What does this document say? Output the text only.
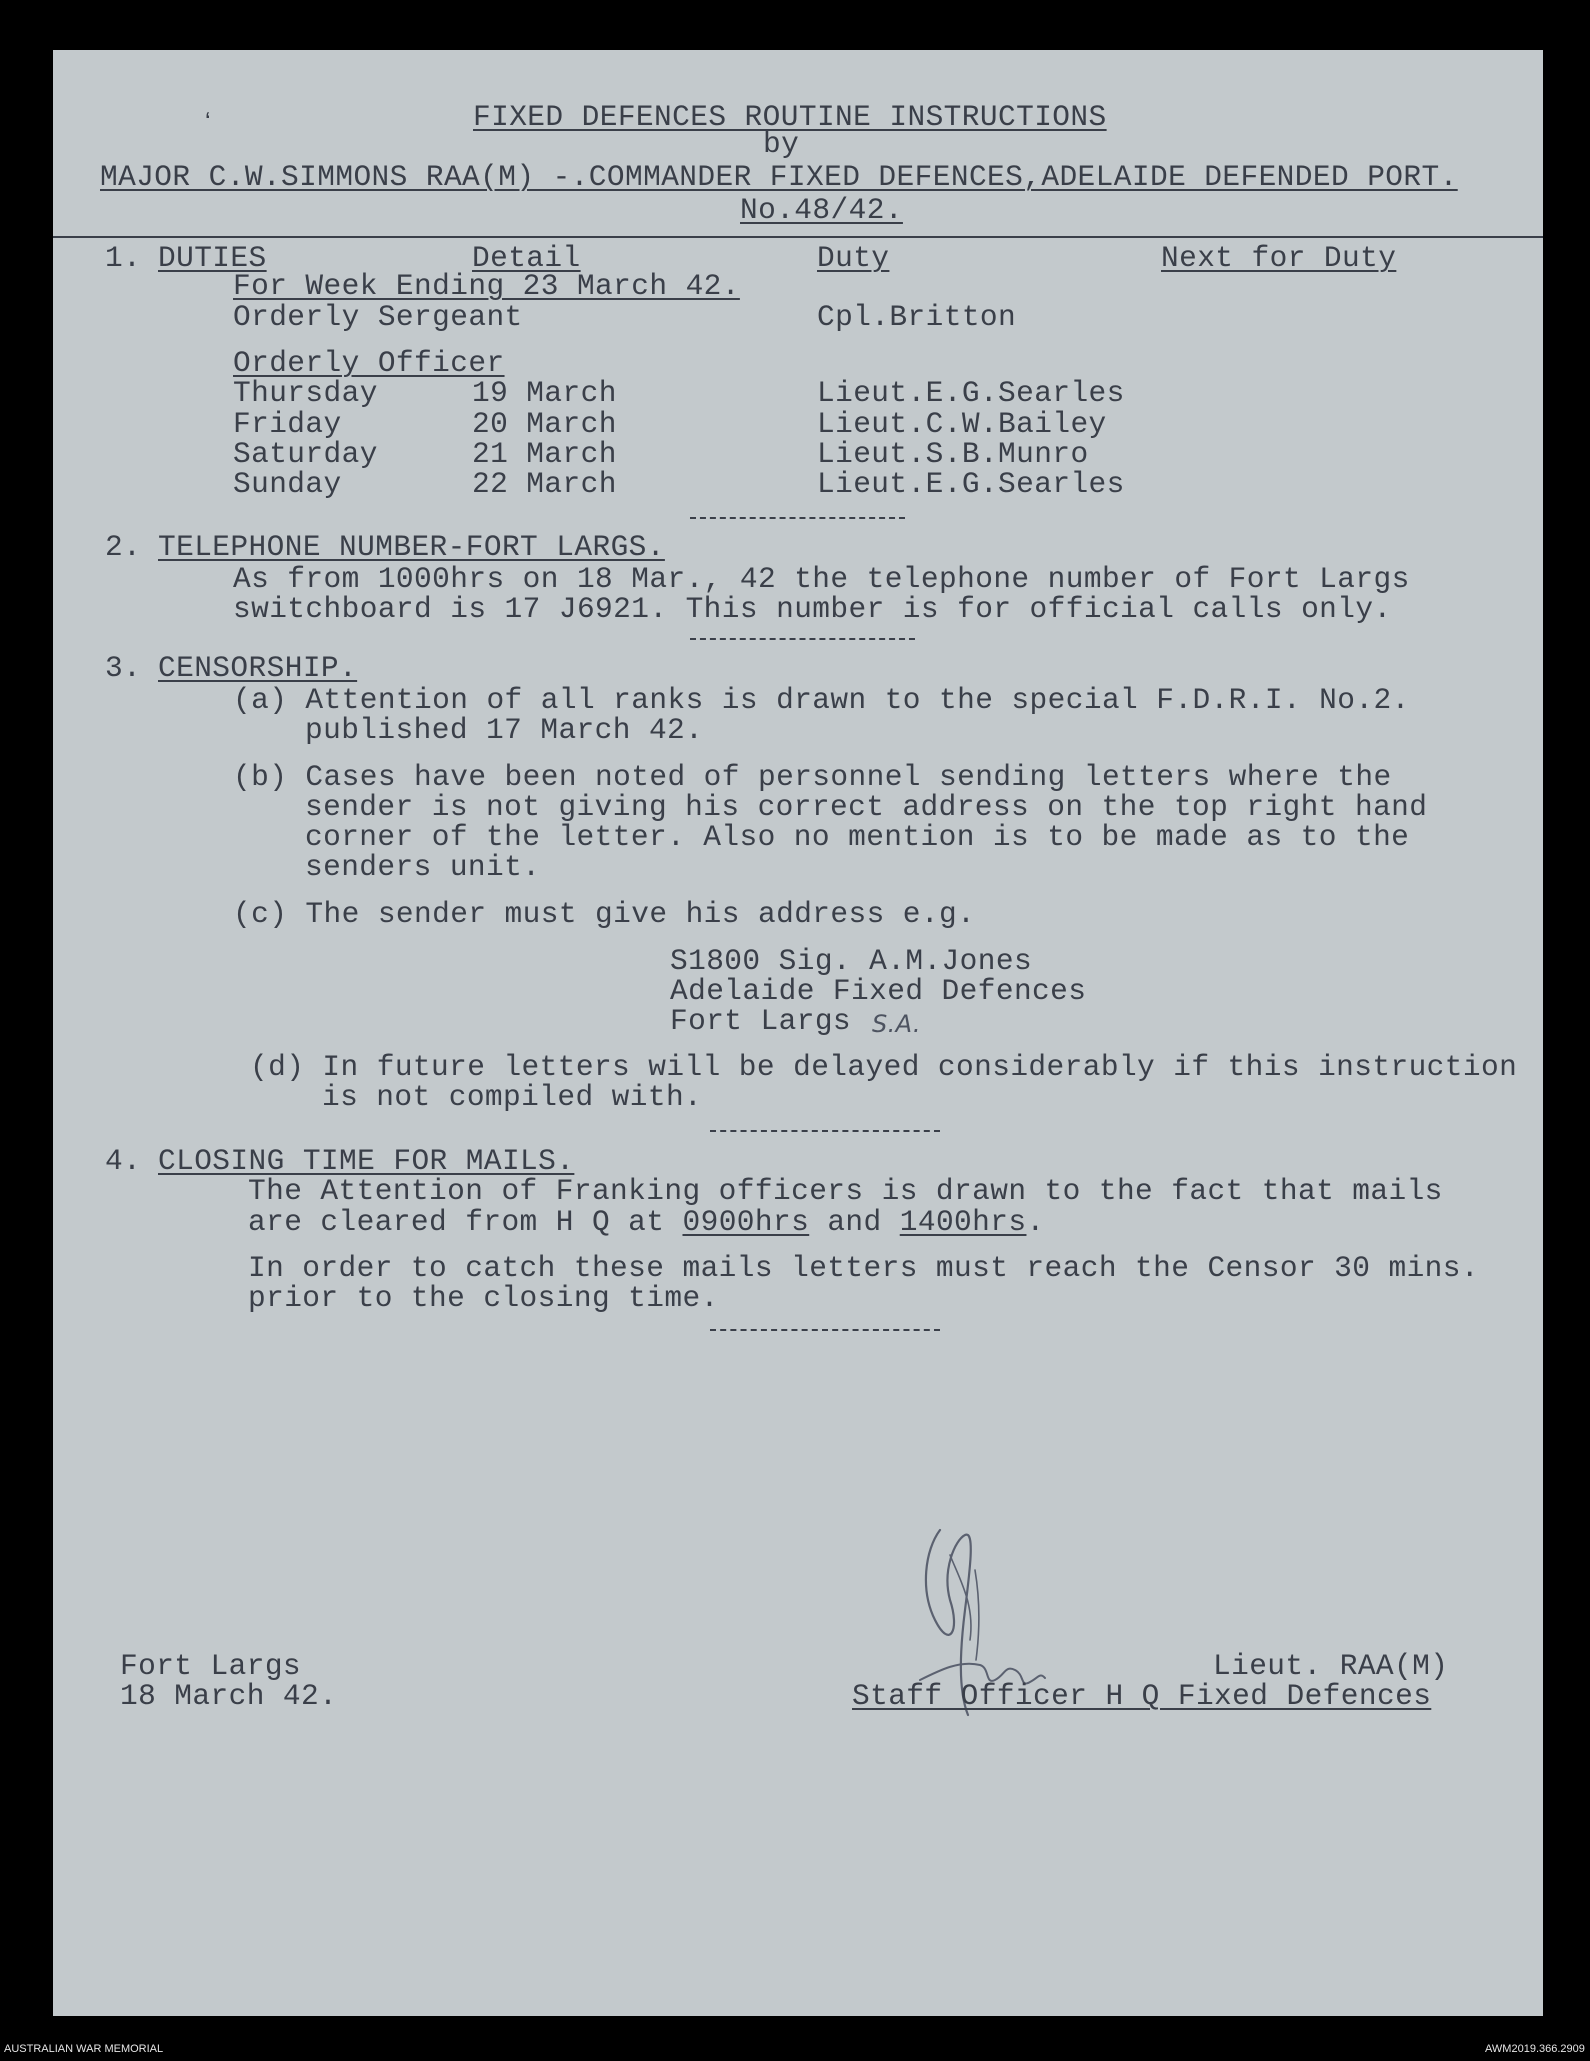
ʻ	FIXED DEFENCES ROUTINE INSTRUCTIONS
by
MAJOR C.W.SIMMONS RAA(M) -.COMMANDER FIXED DEFENCES,ADELAIDE DEFENDED PORT.
No.48/42.
1. DUTIES	Detail	Duty	Next for Duty
For Week Ending 23 March 42.
Orderly Sergeant	Cpl.Britton
Orderly Officer
Thursday	19 March	Lieut.E.G.Searles
Friday	20 March	Lieut.C.W.Bailey
Saturday	21 March	Lieut.S.B.Munro
Sunday	22 March	Lieut.E.G.Searles
2. TELEPHONE NUMBER-FORT LARGS.
As from 1000hrs on 18 Mar., 42 the telephone number of Fort Largs
switchboard is 17 J6921. This number is for official calls only.
3. CENSORSHIP.
(a) Attention of all ranks is drawn to the special F.D.R.I. No.2.
published 17 March 42.
(b) Cases have been noted of personnel sending letters where the
sender is not giving his correct address on the top right hand
corner of the letter. Also no mention is to be made as to the
senders unit.
(c) The sender must give his address e.g.
S1800 Sig. A.M.Jones
Adelaide Fixed Defences
Fort Largs S.A.
(d) In future letters will be delayed considerably if this instruction
is not compiled with.
4. CLOSING TIME FOR MAILS.
The Attention of Franking officers is drawn to the fact that mails
are cleared from H Q at 0900hrs and 1400hrs.
In order to catch these mails letters must reach the Censor 30 mins.
prior to the closing time.
Fort Largs
18 March 42.
Lieut. RAA(M)
Staff Officer H Q Fixed Defences
AUSTRALIAN WAR MEMORIAL	AWM2019.366.2909
